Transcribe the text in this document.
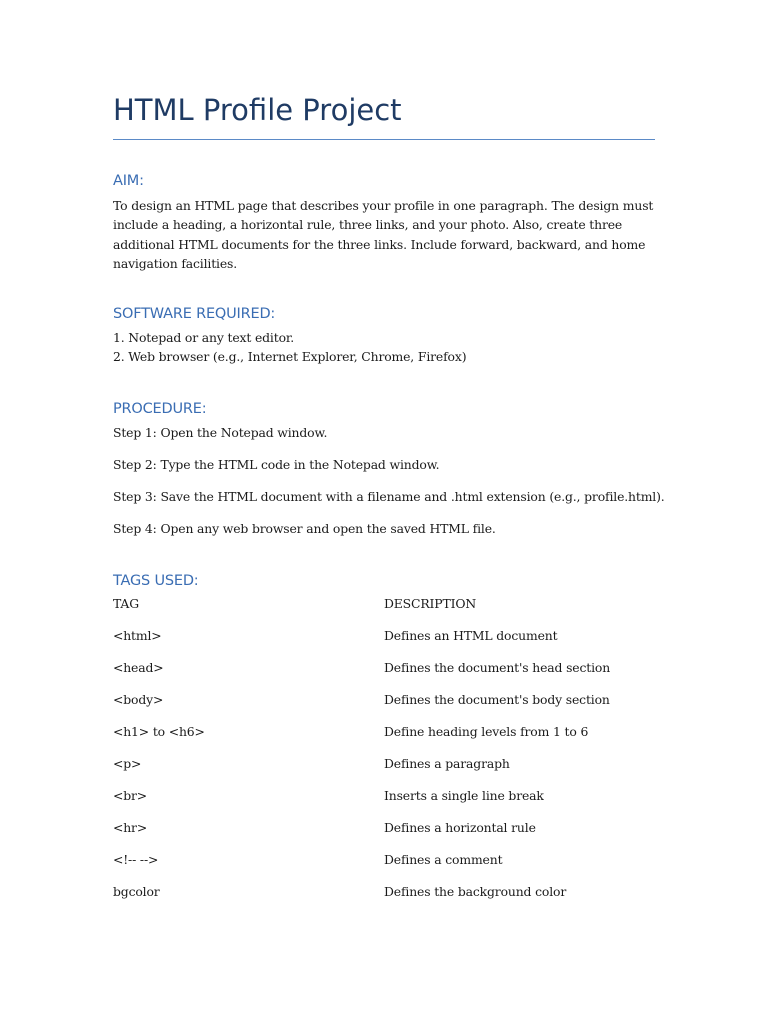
HTML Profile Project
AIM:

To design an HTML page that describes your profile in one paragraph. The design must
include a heading, a horizontal rule, three links, and your photo. Also, create three
additional HTML documents for the three links. Include forward, backward, and home
navigation facilities.

SOFTWARE REQUIRED:

1. Notepad or any text editor.

2. Web browser (e.g., Internet Explorer, Chrome, Firefox)

PROCEDURE:

Step 1: Open the Notepad window.

Step 2: Type the HTML code in the Notepad window.

Step 3: Save the HTML document with a filename and .html extension (e.g., profile.html).

Step 4: Open any web browser and open the saved HTML file.

TAGS USED:

TAG	DESCRIPTION

<html>	Defines an HTML document

<head>	Defines the document's head section

<body>	Defines the document's body section

<h1> to <h6>	Define heading levels from 1 to 6

<p>	Defines a paragraph

<br>	Inserts a single line break

<hr>	Defines a horizontal rule

<!-- -->	Defines a comment

bgcolor	Defines the background color
